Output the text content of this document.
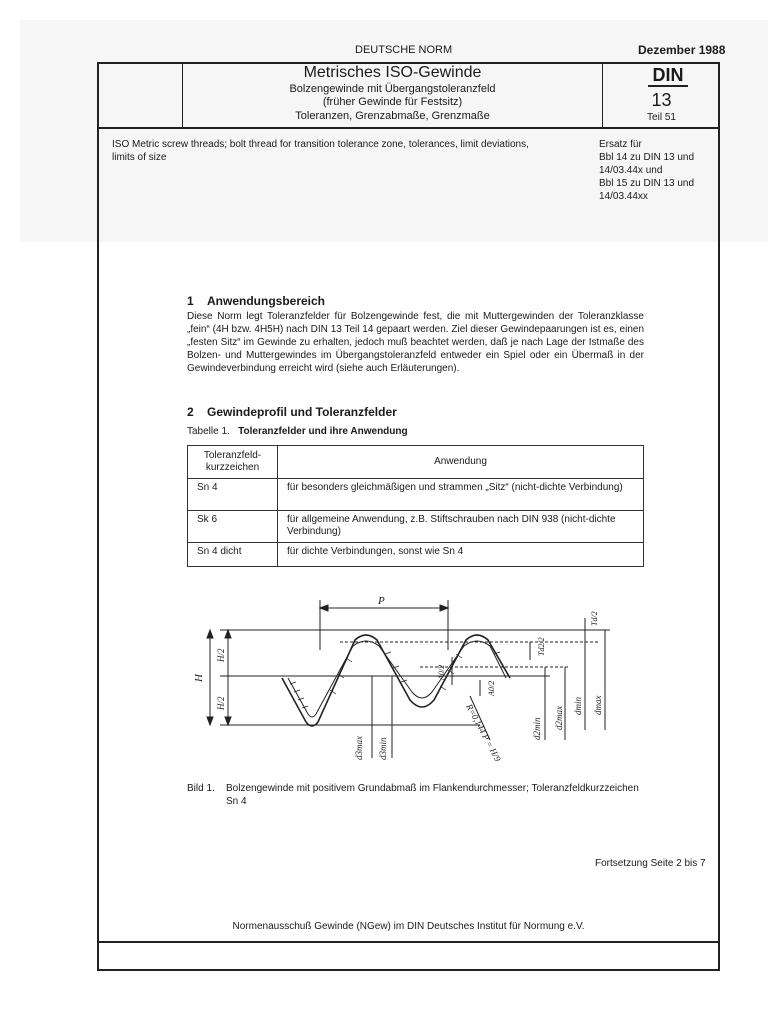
DEUTSCHE NORM	Dezember 1988
Metrisches ISO-Gewinde
Bolzengewinde mit Übergangstoleranzfeld
(früher Gewinde für Festsitz)
Toleranzen, Grenzabmaße, Grenzmaße
DIN
13
Teil 51
ISO Metric screw threads; bolt thread for transition tolerance zone, tolerances, limit deviations, limits of size
Ersatz für
Bbl 14 zu DIN 13 und
14/03.44x und
Bbl 15 zu DIN 13 und
14/03.44xx
1 Anwendungsbereich
Diese Norm legt Toleranzfelder für Bolzengewinde fest, die mit Muttergewinden der Toleranzklasse „fein“ (4H bzw. 4H5H) nach DIN 13 Teil 14 gepaart werden. Ziel dieser Gewindepaarungen ist es, einen „festen Sitz“ im Gewinde zu erhalten, jedoch muß beachtet werden, daß je nach Lage der Istmaße des Bolzen- und Muttergewindes im Übergangstoleranzfeld entweder ein Spiel oder ein Übermaß in der Gewindeverbindung erreicht wird (siehe auch Erläuterungen).
2 Gewindeprofil und Toleranzfelder
Tabelle 1. Toleranzfelder und ihre Anwendung
Toleranzfeld-kurzzeichen	Anwendung
Sn 4	für besonders gleichmäßigen und strammen „Sitz“ (nicht-dichte Verbindung)
Sk 6	für allgemeine Anwendung, z.B. Stiftschrauben nach DIN 938 (nicht-dichte Verbindung)
Sn 4 dicht	für dichte Verbindungen, sonst wie Sn 4
P
H
H/2
H/2
Td/2
Td2/2
A0/2
A0/2
R=0,144 P = H/9
d3max d3min
d2min d2max dmin dmax
Bild 1. Bolzengewinde mit positivem Grundabmaß im Flankendurchmesser; Toleranzfeldkurzzeichen Sn 4
Fortsetzung Seite 2 bis 7
Normenausschuß Gewinde (NGew) im DIN Deutsches Institut für Normung e.V.
